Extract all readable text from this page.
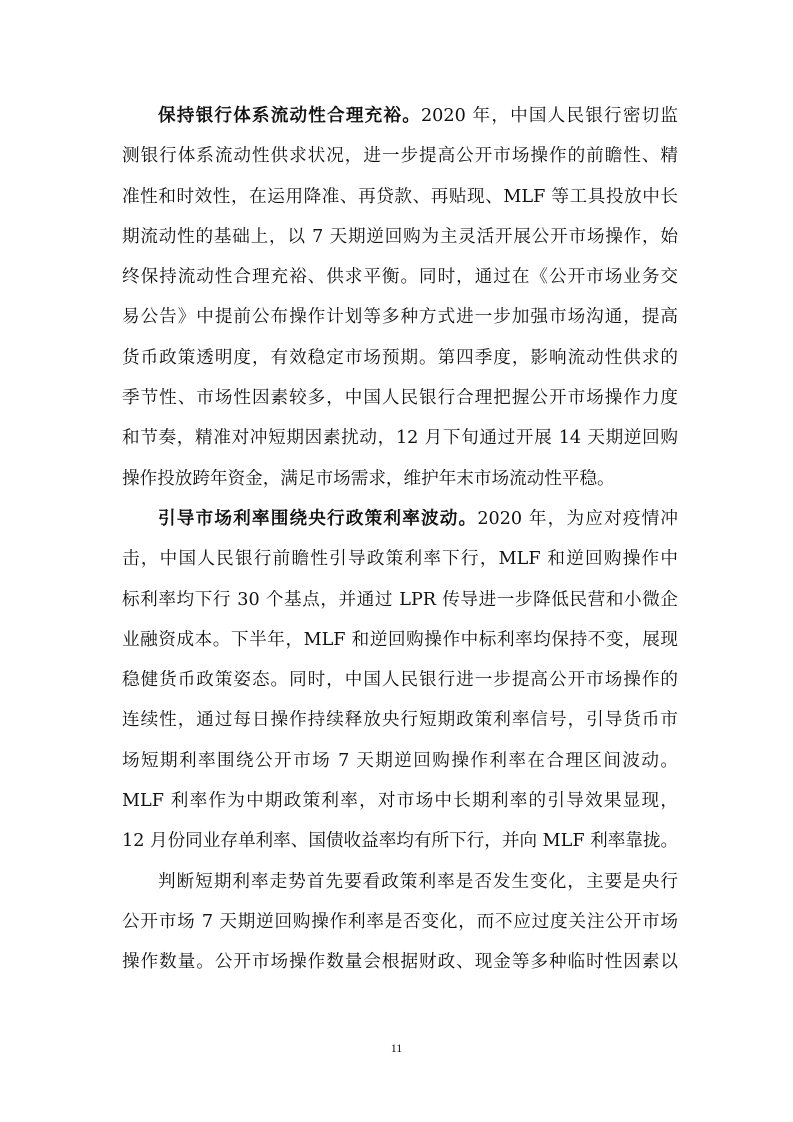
保持银行体系流动性合理充裕。2020 年，中国人民银行密切监
测银行体系流动性供求状况，进一步提高公开市场操作的前瞻性、精
准性和时效性，在运用降准、再贷款、再贴现、MLF 等工具投放中长
期流动性的基础上，以 7 天期逆回购为主灵活开展公开市场操作，始
终保持流动性合理充裕、供求平衡。同时，通过在《公开市场业务交
易公告》中提前公布操作计划等多种方式进一步加强市场沟通，提高
货币政策透明度，有效稳定市场预期。第四季度，影响流动性供求的
季节性、市场性因素较多，中国人民银行合理把握公开市场操作力度
和节奏，精准对冲短期因素扰动，12 月下旬通过开展 14 天期逆回购
操作投放跨年资金，满足市场需求，维护年末市场流动性平稳。
引导市场利率围绕央行政策利率波动。2020 年，为应对疫情冲
击，中国人民银行前瞻性引导政策利率下行，MLF 和逆回购操作中
标利率均下行 30 个基点，并通过 LPR 传导进一步降低民营和小微企
业融资成本。下半年，MLF 和逆回购操作中标利率均保持不变，展现
稳健货币政策姿态。同时，中国人民银行进一步提高公开市场操作的
连续性，通过每日操作持续释放央行短期政策利率信号，引导货币市
场短期利率围绕公开市场 7 天期逆回购操作利率在合理区间波动。
MLF 利率作为中期政策利率，对市场中长期利率的引导效果显现，
12 月份同业存单利率、国债收益率均有所下行，并向 MLF 利率靠拢。
判断短期利率走势首先要看政策利率是否发生变化，主要是央行
公开市场 7 天期逆回购操作利率是否变化，而不应过度关注公开市场
操作数量。公开市场操作数量会根据财政、现金等多种临时性因素以
11
